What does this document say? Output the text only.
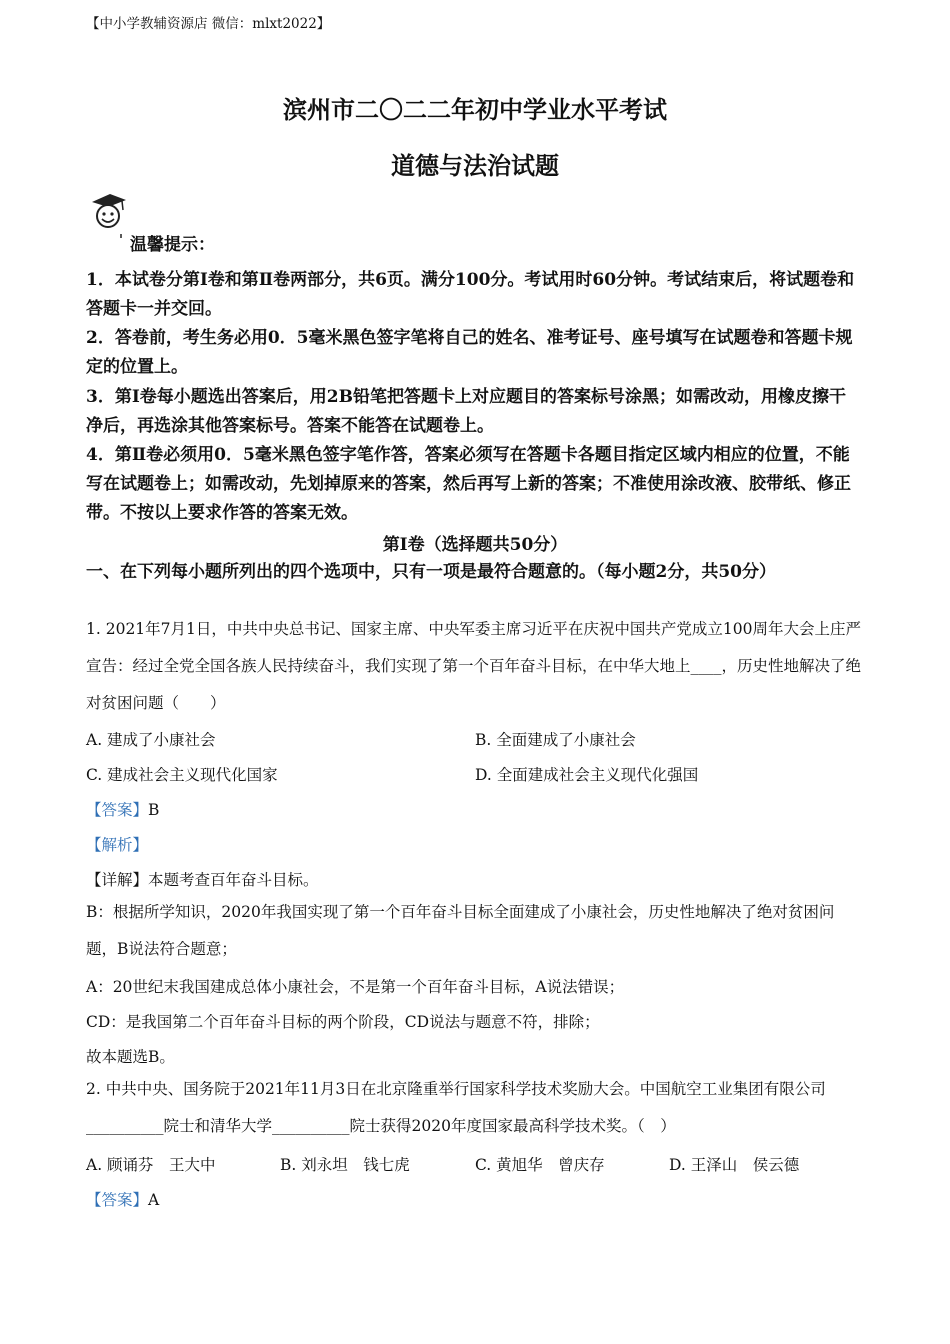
【中小学教辅资源店 微信：mlxt2022】
滨州市二〇二二年初中学业水平考试
道德与法治试题
温馨提示：
1．本试卷分第Ⅰ卷和第Ⅱ卷两部分，共6页。满分100分。考试用时60分钟。考试结束后，将试题卷和答题卡一并交回。
2．答卷前，考生务必用0．5毫米黑色签字笔将自己的姓名、准考证号、座号填写在试题卷和答题卡规定的位置上。
3．第Ⅰ卷每小题选出答案后，用2B铅笔把答题卡上对应题目的答案标号涂黑；如需改动，用橡皮擦干净后，再选涂其他答案标号。答案不能答在试题卷上。
4．第Ⅱ卷必须用0．5毫米黑色签字笔作答，答案必须写在答题卡各题目指定区域内相应的位置，不能写在试题卷上；如需改动，先划掉原来的答案，然后再写上新的答案；不准使用涂改液、胶带纸、修正带。不按以上要求作答的答案无效。
第Ⅰ卷（选择题共50分）
一、在下列每小题所列出的四个选项中，只有一项是最符合题意的。（每小题2分，共50分）
1. 2021年7月1日，中共中央总书记、国家主席、中央军委主席习近平在庆祝中国共产党成立100周年大会上庄严宣告：经过全党全国各族人民持续奋斗，我们实现了第一个百年奋斗目标，在中华大地上____，历史性地解决了绝对贫困问题（　　）
A. 建成了小康社会	B. 全面建成了小康社会
C. 建成社会主义现代化国家	D. 全面建成社会主义现代化强国
【答案】B
【解析】
【详解】本题考查百年奋斗目标。
B：根据所学知识，2020年我国实现了第一个百年奋斗目标全面建成了小康社会，历史性地解决了绝对贫困问题，B说法符合题意；
A：20世纪末我国建成总体小康社会，不是第一个百年奋斗目标，A说法错误；
CD：是我国第二个百年奋斗目标的两个阶段，CD说法与题意不符，排除；
故本题选B。
2. 中共中央、国务院于2021年11月3日在北京隆重举行国家科学技术奖励大会。中国航空工业集团有限公司__________院士和清华大学__________院士获得2020年度国家最高科学技术奖。（　）
A. 顾诵芬　王大中	B. 刘永坦　钱七虎	C. 黄旭华　曾庆存	D. 王泽山　侯云德
【答案】A
